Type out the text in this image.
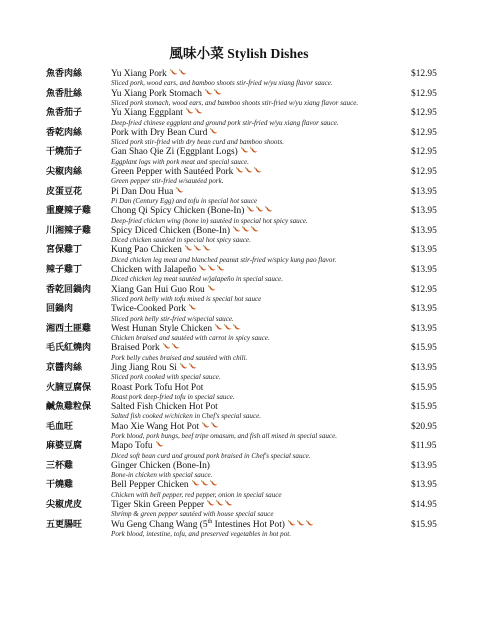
風味小菜 Stylish Dishes
魚香肉絲	Yu Xiang Pork
Sliced pork, wood ears, and bamboo shoots stir-fried w/yu xiang flavor sauce.
$12.95
魚香肚絲	Yu Xiang Pork Stomach
Sliced pork stomach, wood ears, and bamboo shoots stir-fried w/yu xiang flavor sauce.
$12.95
魚香茄子	Yu Xiang Eggplant
Deep-fried chinese eggplant and ground pork stir-fried w/yu xiang flavor sauce.
$12.95
香乾肉絲	Pork with Dry Bean Curd
Sliced pork stir-fried with dry bean curd and bamboo shoots.
$12.95
干燒茄子	Gan Shao Qie Zi (Eggplant Logs)
Eggplant logs with pork meat and special sauce.
$12.95
尖椒肉絲	Green Pepper with Sautéed Pork
Green pepper stir-fried w/sautéed pork.
$12.95
皮蛋豆花	Pi Dan Dou Hua
Pi Dan (Century Egg) and tofu in special hot sauce
$13.95
重慶辣子雞 Chong Qi Spicy Chicken (Bone-In)
Deep-fried chicken wing (bone in) sautéed in special hot spicy sauce.
$13.95
川湘辣子雞 Spicy Diced Chicken (Bone-In)
Diced chicken sautéed in special hot spicy sauce.
$13.95
宮保雞丁	Kung Pao Chicken
Diced chicken leg meat and blanched peanut stir-fried w/spicy kung pao flavor.
$13.95
辣子雞丁	Chicken with Jalapeño
Diced chicken leg meat sautéed w/jalapeño in special sauce.
$13.95
香乾回鍋肉 Xiang Gan Hui Guo Rou
Sliced pork belly with tofu mixed is special hot sauce
$12.95
回鍋肉	Twice-Cooked Pork
Sliced pork belly stir-fried w/special sauce.
$13.95
湘西土匪雞 West Hunan Style Chicken
Chicken braised and sautéed with carrot in spicy sauce.
$13.95
毛氏紅燒肉 Braised Pork
Pork belly cubes braised and sautéed with chili.
$15.95
京醬肉絲	Jing Jiang Rou Si
Sliced pork cooked with special sauce.
$13.95
火腩豆腐保 Roast Pork Tofu Hot Pot
Roast pork deep-fried tofu in special sauce.
$15.95
鹹魚雞粒保 Salted Fish Chicken Hot Pot
Salted fish cooked w/chicken in Chef's special sauce.
$15.95
毛血旺	Mao Xie Wang Hot Pot
Pork blood, pork bungs, beef tripe omasum, and fish all mixed in special sauce.
$20.95
麻婆豆腐	Mapo Tofu
Diced soft bean curd and ground pork braised in Chef's special sauce.
$11.95
三杯雞	Ginger Chicken (Bone-In)
Bone-in chicken with special sauce.
$13.95
干燒雞	Bell Pepper Chicken
Chicken with bell pepper, red pepper, onion in special sauce
$13.95
尖椒虎皮	Tiger Skin Green Pepper
Shrimp & green pepper sautéed with house special sauce
$14.95
五更腸旺	Wu Geng Chang Wang (5th Intestines Hot Pot)
Pork blood, intestine, tofu, and preserved vegetables in hot pot.
$15.95
